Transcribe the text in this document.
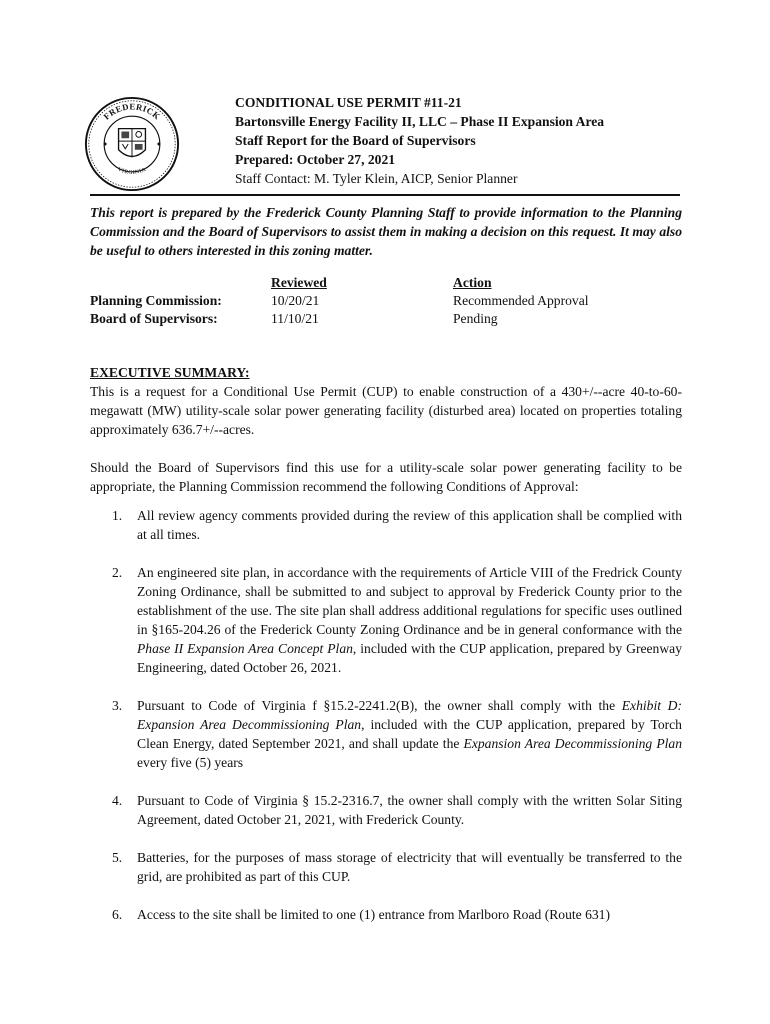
FREDERICK
VIRGINIA
CONDITIONAL USE PERMIT #11-21
Bartonsville Energy Facility II, LLC – Phase II Expansion Area
Staff Report for the Board of Supervisors
Prepared: October 27, 2021
Staff Contact: M. Tyler Klein, AICP, Senior Planner
This report is prepared by the Frederick County Planning Staff to provide information to the Planning Commission and the Board of Supervisors to assist them in making a decision on this request. It may also be useful to others interested in this zoning matter.
Planning Commission:
Board of Supervisors:
Reviewed
10/20/21
11/10/21
Action
Recommended Approval
Pending
EXECUTIVE SUMMARY:
This is a request for a Conditional Use Permit (CUP) to enable construction of a 430+/--acre 40-to-60-megawatt (MW) utility-scale solar power generating facility (disturbed area) located on properties totaling approximately 636.7+/--acres.
Should the Board of Supervisors find this use for a utility-scale solar power generating facility to be appropriate, the Planning Commission recommend the following Conditions of Approval:
1. All review agency comments provided during the review of this application shall be complied with at all times.
2. An engineered site plan, in accordance with the requirements of Article VIII of the Fredrick County Zoning Ordinance, shall be submitted to and subject to approval by Frederick County prior to the establishment of the use. The site plan shall address additional regulations for specific uses outlined in §165-204.26 of the Frederick County Zoning Ordinance and be in general conformance with the Phase II Expansion Area Concept Plan, included with the CUP application, prepared by Greenway Engineering, dated October 26, 2021.
3. Pursuant to Code of Virginia f §15.2-2241.2(B), the owner shall comply with the Exhibit D: Expansion Area Decommissioning Plan, included with the CUP application, prepared by Torch Clean Energy, dated September 2021, and shall update the Expansion Area Decommissioning Plan every five (5) years
4. Pursuant to Code of Virginia § 15.2-2316.7, the owner shall comply with the written Solar Siting Agreement, dated October 21, 2021, with Frederick County.
5. Batteries, for the purposes of mass storage of electricity that will eventually be transferred to the grid, are prohibited as part of this CUP.
6. Access to the site shall be limited to one (1) entrance from Marlboro Road (Route 631)
